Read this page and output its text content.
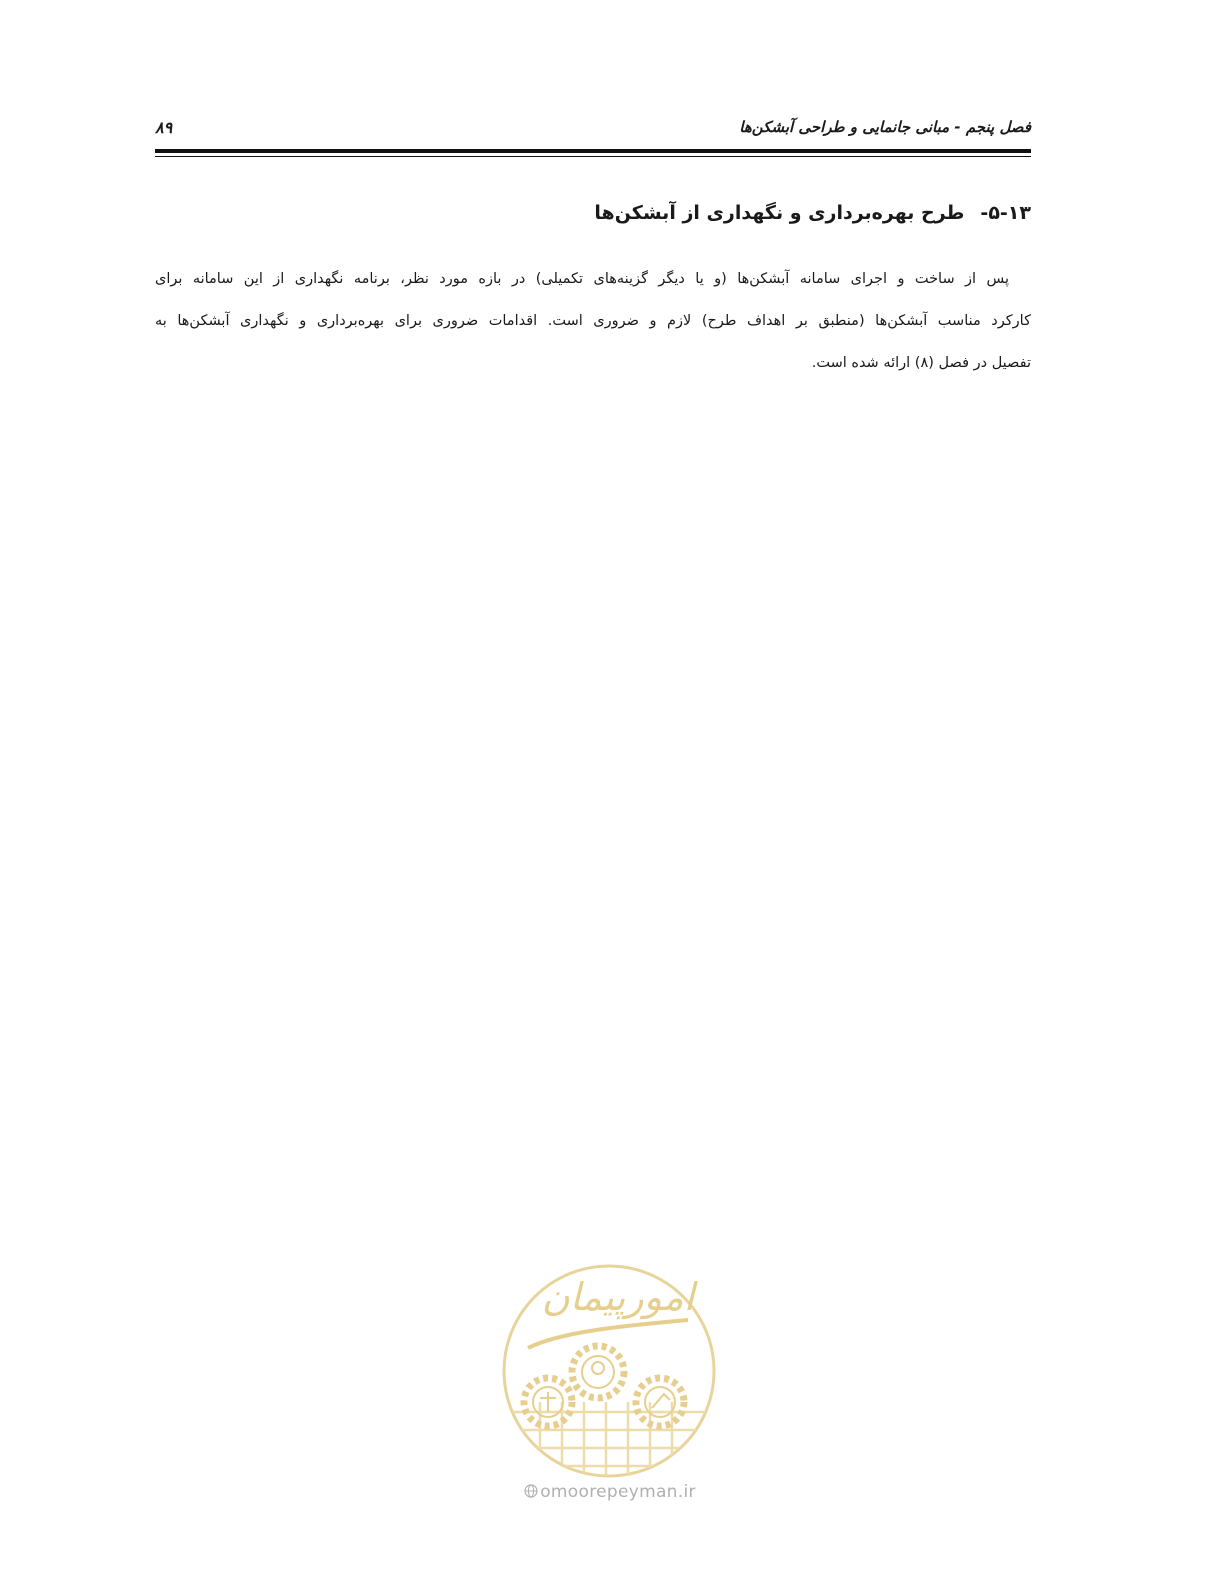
فصل پنجم - مبانی جانمایی و طراحی آبشکن‌ها
۸۹
۵-۱۳-طرح بهره‌برداری و نگهداری از آبشکن‌ها
پس از ساخت و اجرای سامانه آبشکن‌ها (و یا دیگر گزینه‌های تکمیلی) در بازه مورد نظر، برنامه نگهداری از این سامانه برای
کارکرد مناسب آبشکن‌ها (منطبق بر اهداف طرح) لازم و ضروری است. اقدامات ضروری برای بهره‌برداری و نگهداری آبشکن‌ها به
تفصیل در فصل (۸) ارائه شده است.
امورپیمان
omoorepeyman.ir
